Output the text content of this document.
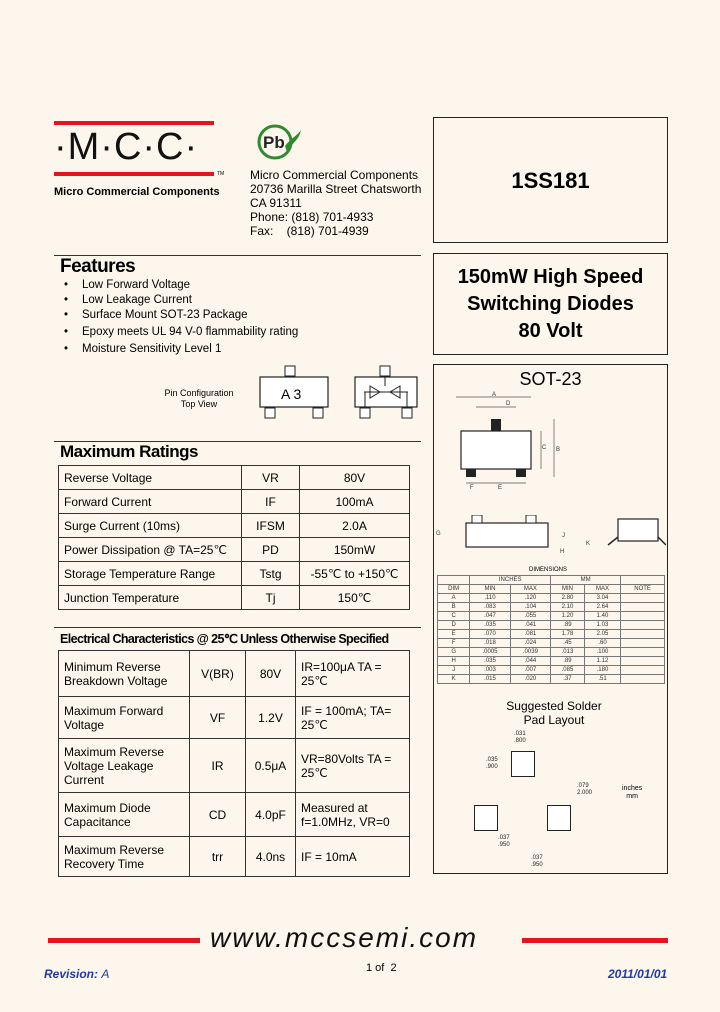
·M·C·C·
TM
Micro Commercial Components
Pb
Micro Commercial Components
20736 Marilla Street Chatsworth
CA 91311
Phone: (818) 701-4933
Fax:    (818) 701-4939
1SS181
150mW High Speed
Switching Diodes
80 Volt
SOT-23
A
D
C B
F	E
G	J
H
K
DIMENSIONS
	INCHES		MM		
DIM	MIN	MAX	MIN	MAX	NOTE
A	.110	.120	2.80	3.04	
B	.083	.104	2.10	2.64	
C	.047	.055	1.20	1.40	
D	.035	.041	.89	1.03	
E	.070	.081	1.78	2.05	
F	.018	.024	.45	.60	
G	.0005	.0039	.013	.100	
H	.035	.044	.89	1.12	
J	.003	.007	.085	.180	
K	.015	.020	.37	.51	
Suggested Solder
Pad Layout
.031
.800
.035
.900
.079
2.000
inches
mm
.037
.950
.037
.950
Features
• Low Forward Voltage
• Low Leakage Current
• Surface Mount SOT-23 Package
• Epoxy meets UL 94 V-0 flammability rating
• Moisture Sensitivity Level 1
Pin Configuration
Top View
A 3
Maximum Ratings
Reverse Voltage	VR	80V
Forward Current	IF	100mA
Surge Current (10ms)	IFSM	2.0A
Power Dissipation @ TA=25℃	PD	150mW
Storage Temperature Range	Tstg	-55℃ to +150℃
Junction Temperature	Tj	150℃
Electrical Characteristics @ 25℃ Unless Otherwise Specified
Minimum Reverse Breakdown Voltage	V(BR)	80V	IR=100μA TA = 25℃
Maximum Forward Voltage	VF	1.2V	IF = 100mA; TA= 25℃
Maximum Reverse Voltage Leakage Current	IR	0.5μA	VR=80Volts TA = 25℃
Maximum Diode Capacitance	CD	4.0pF	Measured at f=1.0MHz, VR=0
Maximum Reverse Recovery Time	trr	4.0ns	IF = 10mA
www.mccsemi.com
Revision: A	1 of  2	2011/01/01
